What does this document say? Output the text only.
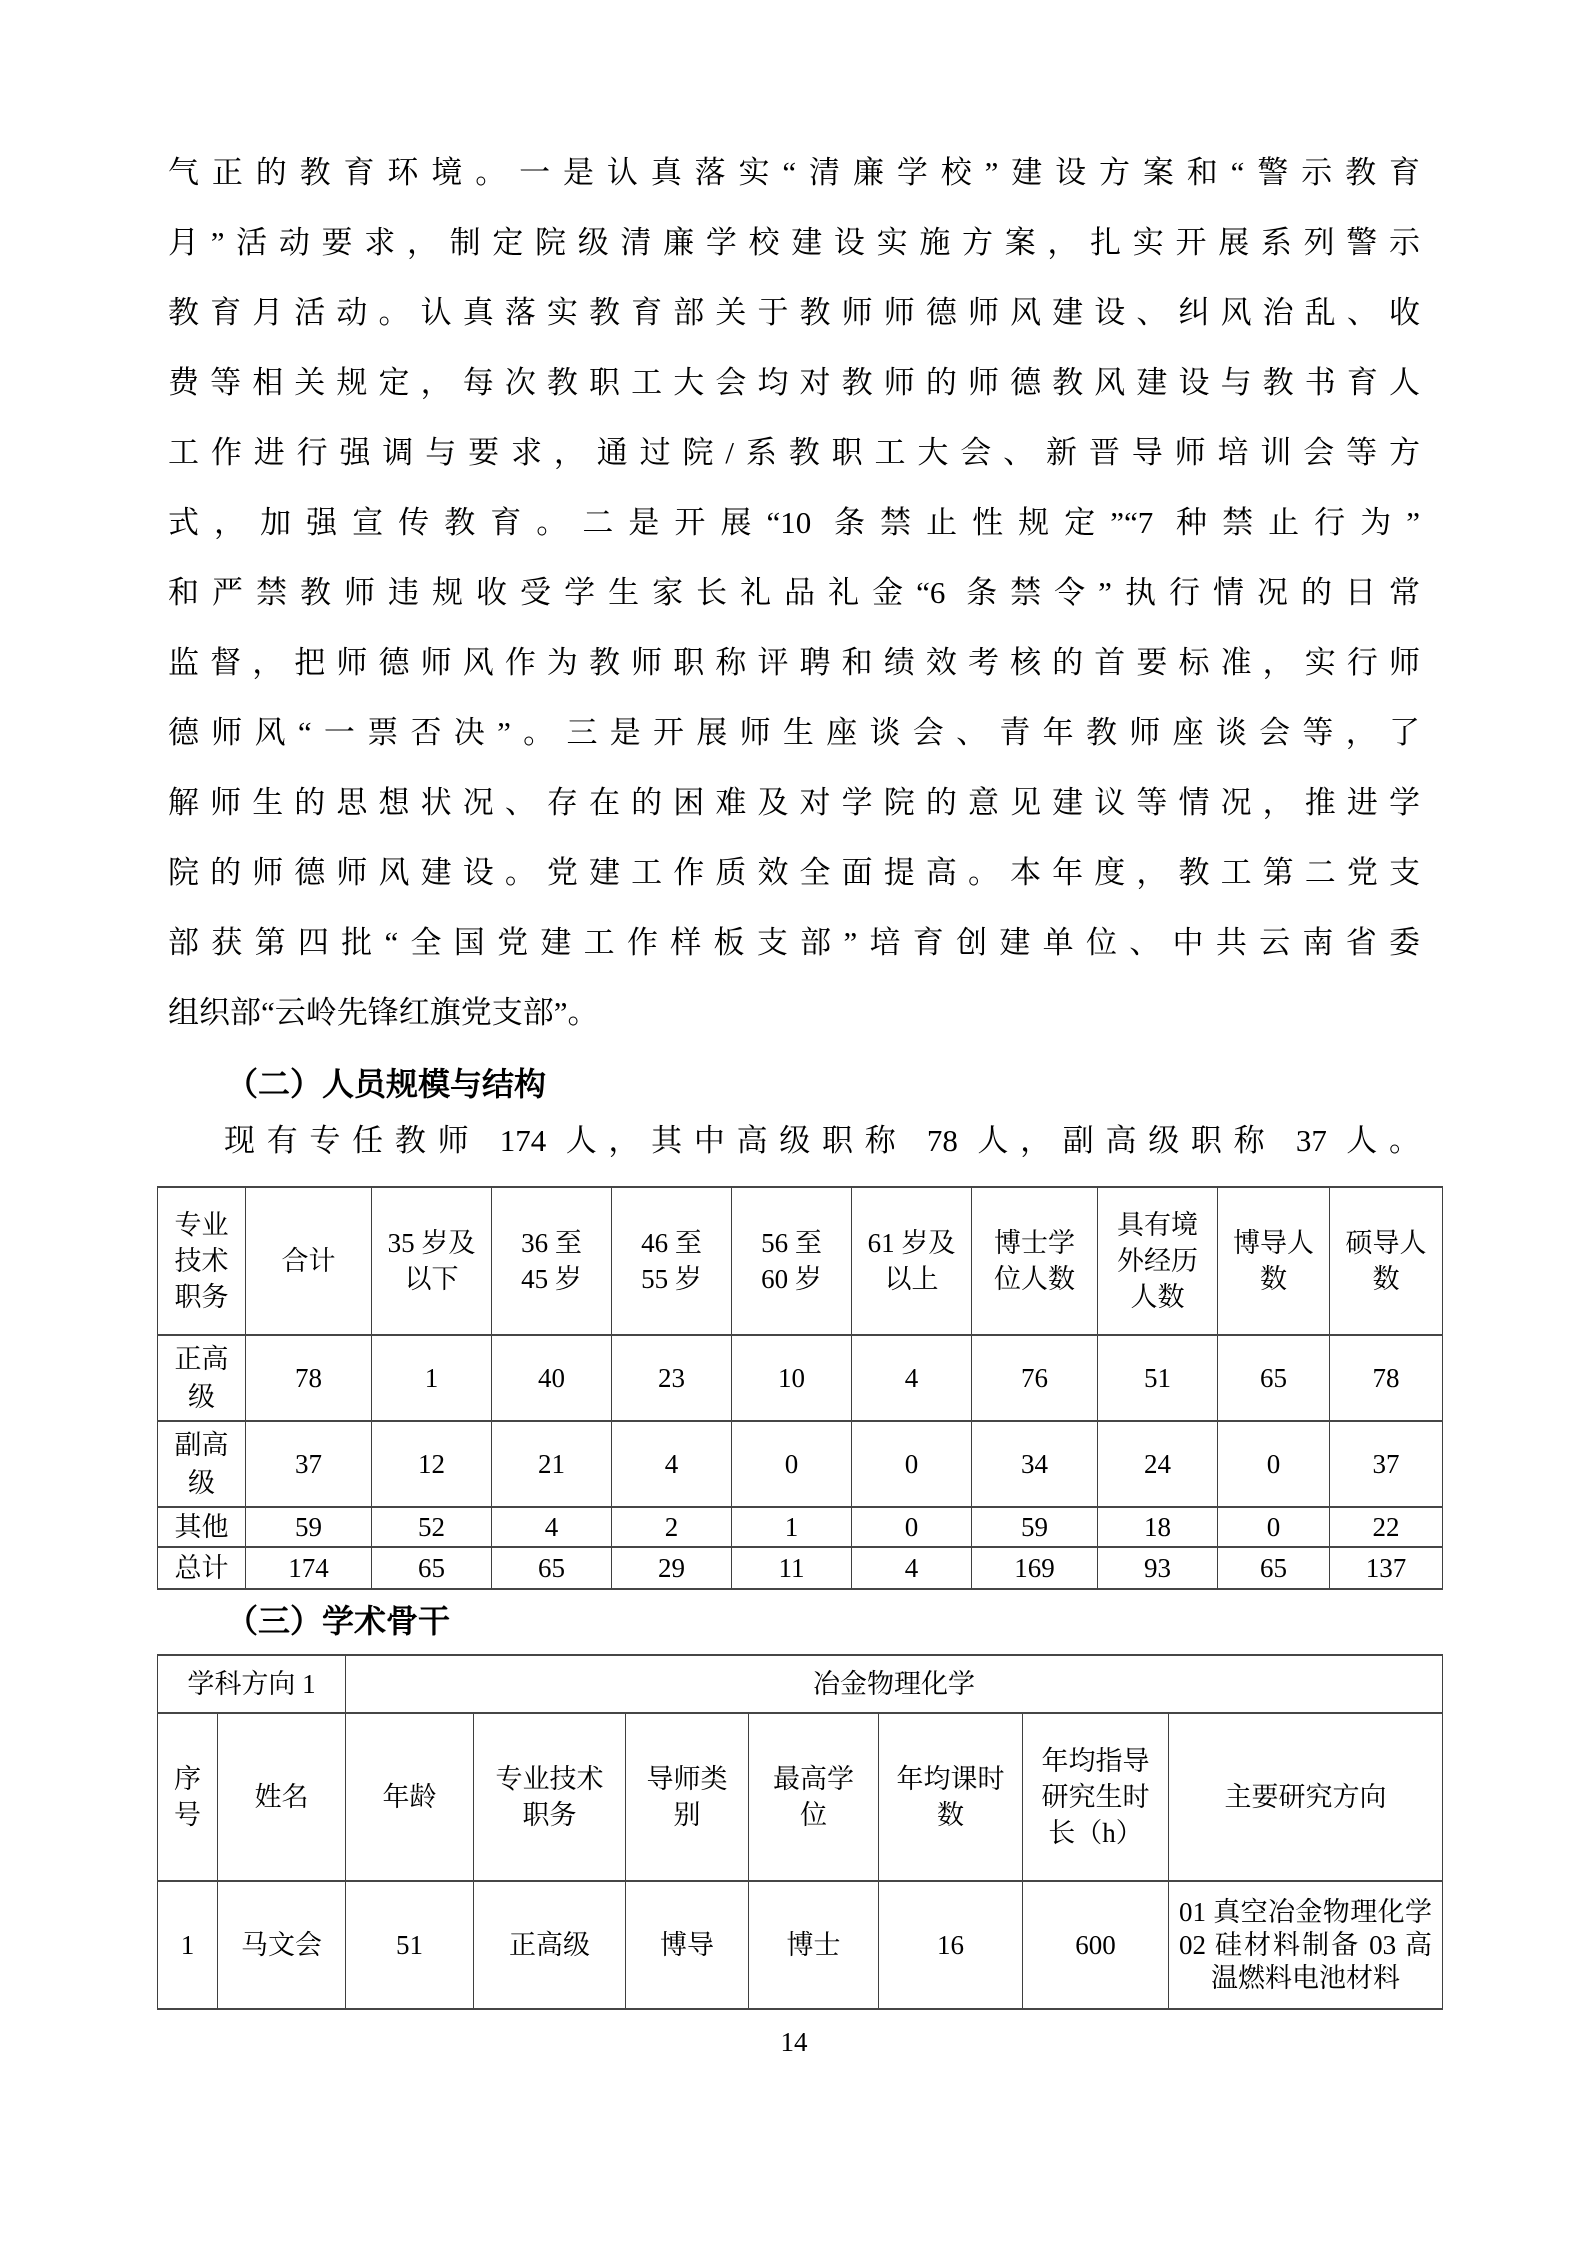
气正的教育环境。一是认真落实“清廉学校”建设方案和“警示教育
月”活动要求，制定院级清廉学校建设实施方案，扎实开展系列警示
教育月活动。认真落实教育部关于教师师德师风建设、纠风治乱、收
费等相关规定，每次教职工大会均对教师的师德教风建设与教书育人
工作进行强调与要求，通过院/系教职工大会、新晋导师培训会等方
式，加强宣传教育。二是开展“10 条禁止性规定”“7 种禁止行为”
和严禁教师违规收受学生家长礼品礼金“6 条禁令”执行情况的日常
监督，把师德师风作为教师职称评聘和绩效考核的首要标准，实行师
德师风“一票否决”。三是开展师生座谈会、青年教师座谈会等，了
解师生的思想状况、存在的困难及对学院的意见建议等情况，推进学
院的师德师风建设。党建工作质效全面提高。本年度，教工第二党支
部获第四批“全国党建工作样板支部”培育创建单位、中共云南省委
组织部“云岭先锋红旗党支部”。
（二）人员规模与结构
现有专任教师 174 人，其中高级职称 78 人，副高级职称 37 人。
专业技术职务	合计	35 岁及以下	36 至 45 岁	46 至 55 岁	56 至 60 岁	61 岁及以上	博士学位人数	具有境外经历人数	博导人数	硕导人数
正高级	78	1	40	23	10	4	76	51	65	78
副高级	37	12	21	4	0	0	34	24	0	37
其他	59	52	4	2	1	0	59	18	0	22
总计	174	65	65	29	11	4	169	93	65	137
（三）学术骨干
学科方向 1		冶金物理化学						
序号	姓名	年龄	专业技术职务	导师类别	最高学位	年均课时数	年均指导研究生时长（h）	主要研究方向
1	马文会	51	正高级	博导	博士	16	600	01 真空冶金物理化学 02 硅材料制备 03 高温燃料电池材料
14
